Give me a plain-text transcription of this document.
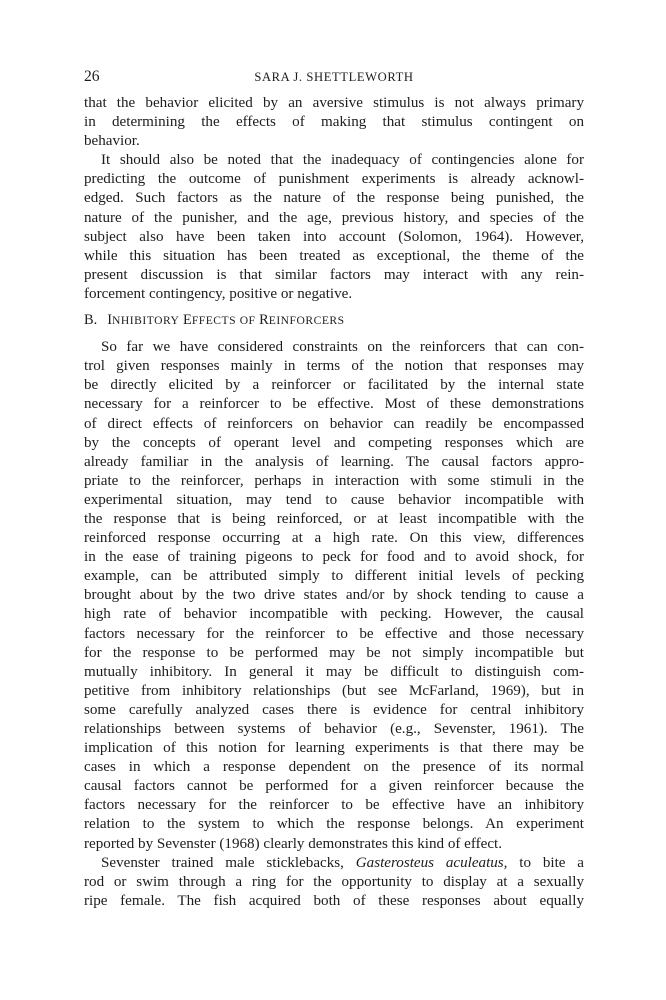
26	SARA J. SHETTLEWORTH
that the behavior elicited by an aversive stimulus is not always primary
in determining the effects of making that stimulus contingent on
behavior.
It should also be noted that the inadequacy of contingencies alone for
predicting the outcome of punishment experiments is already acknowl-
edged. Such factors as the nature of the response being punished, the
nature of the punisher, and the age, previous history, and species of the
subject also have been taken into account (Solomon, 1964). However,
while this situation has been treated as exceptional, the theme of the
present discussion is that similar factors may interact with any rein-
forcement contingency, positive or negative.
B. INHIBITORY EFFECTS OF REINFORCERS
So far we have considered constraints on the reinforcers that can con-
trol given responses mainly in terms of the notion that responses may
be directly elicited by a reinforcer or facilitated by the internal state
necessary for a reinforcer to be effective. Most of these demonstrations
of direct effects of reinforcers on behavior can readily be encompassed
by the concepts of operant level and competing responses which are
already familiar in the analysis of learning. The causal factors appro-
priate to the reinforcer, perhaps in interaction with some stimuli in the
experimental situation, may tend to cause behavior incompatible with
the response that is being reinforced, or at least incompatible with the
reinforced response occurring at a high rate. On this view, differences
in the ease of training pigeons to peck for food and to avoid shock, for
example, can be attributed simply to different initial levels of pecking
brought about by the two drive states and/or by shock tending to cause a
high rate of behavior incompatible with pecking. However, the causal
factors necessary for the reinforcer to be effective and those necessary
for the response to be performed may be not simply incompatible but
mutually inhibitory. In general it may be difficult to distinguish com-
petitive from inhibitory relationships (but see McFarland, 1969), but in
some carefully analyzed cases there is evidence for central inhibitory
relationships between systems of behavior (e.g., Sevenster, 1961). The
implication of this notion for learning experiments is that there may be
cases in which a response dependent on the presence of its normal
causal factors cannot be performed for a given reinforcer because the
factors necessary for the reinforcer to be effective have an inhibitory
relation to the system to which the response belongs. An experiment
reported by Sevenster (1968) clearly demonstrates this kind of effect.
Sevenster trained male sticklebacks, Gasterosteus aculeatus, to bite a
rod or swim through a ring for the opportunity to display at a sexually
ripe female. The fish acquired both of these responses about equally
